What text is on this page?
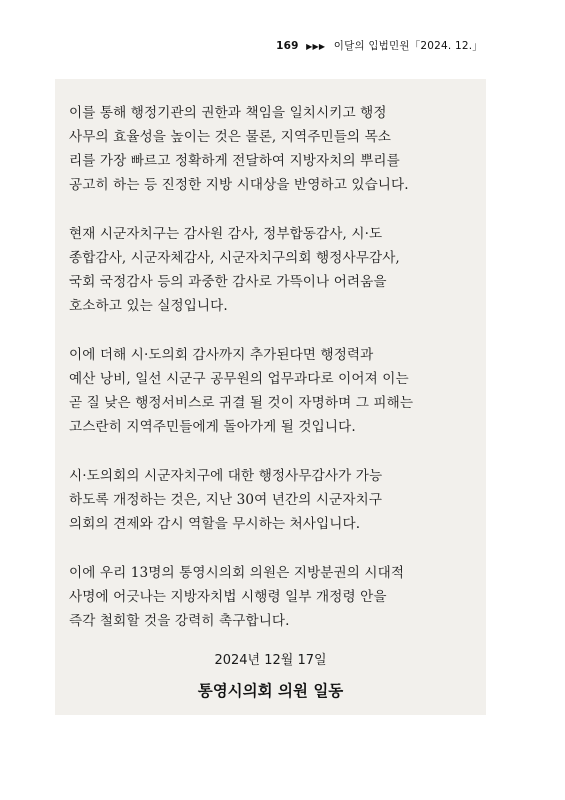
169 ▶▶▶ 이달의 입법민원「2024. 12.」

이를 통해 행정기관의 권한과 책임을 일치시키고 행정
사무의 효율성을 높이는 것은 물론, 지역주민들의 목소
리를 가장 빠르고 정확하게 전달하여 지방자치의 뿌리를
공고히 하는 등 진정한 지방 시대상을 반영하고 있습니다.

현재 시군자치구는 감사원 감사, 정부합동감사, 시·도
종합감사, 시군자체감사, 시군자치구의회 행정사무감사,
국회 국정감사 등의 과중한 감사로 가뜩이나 어려움을
호소하고 있는 실정입니다.

이에 더해 시·도의회 감사까지 추가된다면 행정력과
예산 낭비, 일선 시군구 공무원의 업무과다로 이어져 이는
곧 질 낮은 행정서비스로 귀결 될 것이 자명하며 그 피해는
고스란히 지역주민들에게 돌아가게 될 것입니다.

시·도의회의 시군자치구에 대한 행정사무감사가 가능
하도록 개정하는 것은, 지난 30여 년간의 시군자치구
의회의 견제와 감시 역할을 무시하는 처사입니다.

이에 우리 13명의 통영시의회 의원은 지방분권의 시대적
사명에 어긋나는 지방자치법 시행령 일부 개정령 안을
즉각 철회할 것을 강력히 촉구합니다.

2024년 12월 17일
통영시의회 의원 일동
